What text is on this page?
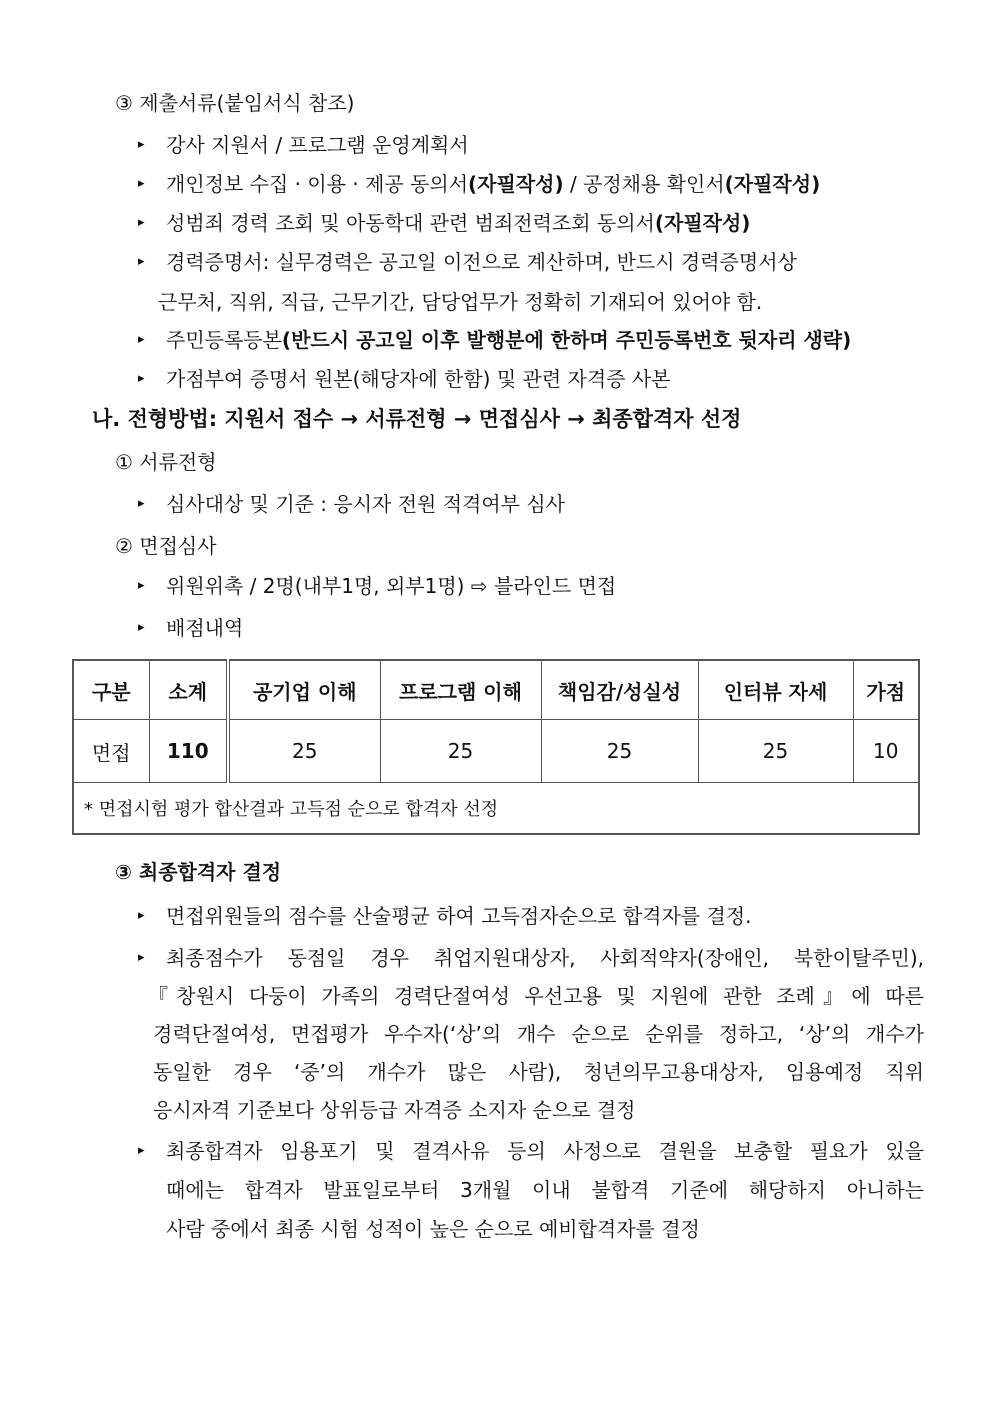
③ 제출서류(붙임서식 참조)
▸ 강사 지원서 / 프로그램 운영계획서
▸ 개인정보 수집 · 이용 · 제공 동의서(자필작성) / 공정채용 확인서(자필작성)
▸ 성범죄 경력 조회 및 아동학대 관련 범죄전력조회 동의서(자필작성)
▸ 경력증명서: 실무경력은 공고일 이전으로 계산하며, 반드시 경력증명서상
근무처, 직위, 직급, 근무기간, 담당업무가 정확히 기재되어 있어야 함.
▸ 주민등록등본(반드시 공고일 이후 발행분에 한하며 주민등록번호 뒷자리 생략)
▸ 가점부여 증명서 원본(해당자에 한함) 및 관련 자격증 사본
나. 전형방법: 지원서 접수 → 서류전형 → 면접심사 → 최종합격자 선정
① 서류전형
▸ 심사대상 및 기준 : 응시자 전원 적격여부 심사
② 면접심사
▸ 위원위촉 / 2명(내부1명, 외부1명) ⇨ 블라인드 면접
▸ 배점내역
구분	소계	공기업 이해	프로그램 이해	책임감/성실성	인터뷰 자세	가점
면접	110	25	25	25	25	10
* 면접시험 평가 합산결과 고득점 순으로 합격자 선정						
③ 최종합격자 결정
▸ 면접위원들의 점수를 산술평균 하여 고득점자순으로 합격자를 결정.
▸ 최종점수가 동점일 경우 취업지원대상자, 사회적약자(장애인, 북한이탈주민),
『창원시 다둥이 가족의 경력단절여성 우선고용 및 지원에 관한 조례』에 따른
경력단절여성, 면접평가 우수자(‘상’의 개수 순으로 순위를 정하고, ‘상’의 개수가
동일한 경우 ‘중’의 개수가 많은 사람), 청년의무고용대상자, 임용예정 직위
응시자격 기준보다 상위등급 자격증 소지자 순으로 결정
▸ 최종합격자 임용포기 및 결격사유 등의 사정으로 결원을 보충할 필요가 있을
때에는 합격자 발표일로부터 3개월 이내 불합격 기준에 해당하지 아니하는
사람 중에서 최종 시험 성적이 높은 순으로 예비합격자를 결정
